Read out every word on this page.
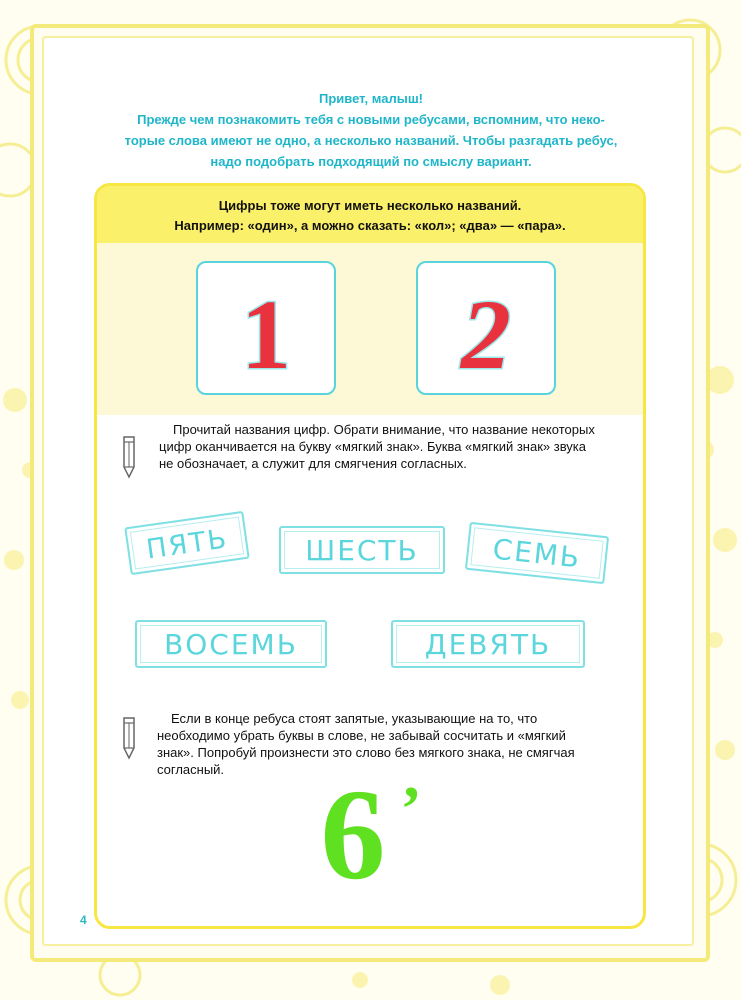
Привет, малыш!

Прежде чем познакомить тебя с новыми ребусами, вспомним, что неко-

торые слова имеют не одно, а несколько названий. Чтобы разгадать ребус,

надо подобрать подходящий по смыслу вариант.

Цифры тоже могут иметь несколько названий.
Например: «один», а можно сказать: «кол»; «два» — «пара».
1 2
Прочитай названия цифр. Обрати внимание, что название некоторых
цифр оканчивается на букву «мягкий знак». Буква «мягкий знак» звука
не обозначает, а служит для смягчения согласных.
ПЯТЬ	ШЕСТЬ	СЕМЬ
ВОСЕМЬ	ДЕВЯТЬ
Если в конце ребуса стоят запятые, указывающие на то, что
необходимо убрать буквы в слове, не забывай сосчитать и «мягкий
знак». Попробуй произнести это слово без мягкого знака, не смягчая
согласный. 6 ’
4
